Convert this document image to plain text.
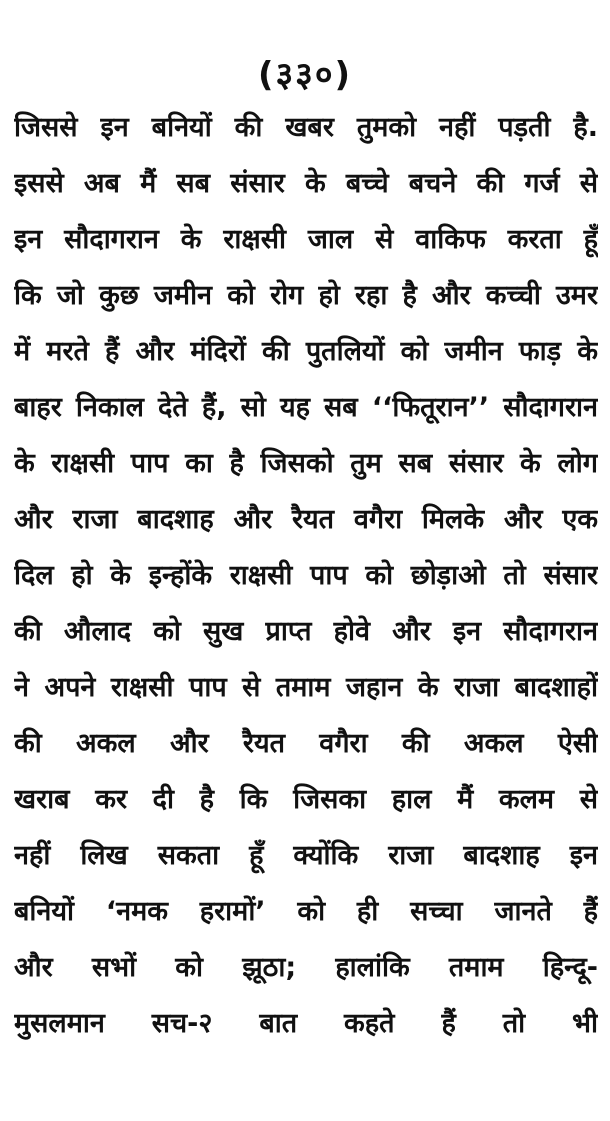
(३३०)
जिससे इन बनियों की खबर तुमको नहीं पड़ती है.
इससे अब मैं सब संसार के बच्चे बचने की गर्ज से
इन सौदागरान के राक्षसी जाल से वाकिफ करता हूँ
कि जो कुछ जमीन को रोग हो रहा है और कच्ची उमर
में मरते हैं और मंदिरों की पुतलियों को जमीन फाड़ के
बाहर निकाल देते हैं, सो यह सब ‘‘फितूरान’’ सौदागरान
के राक्षसी पाप का है जिसको तुम सब संसार के लोग
और राजा बादशाह और रैयत वगैरा मिलके और एक
दिल हो के इन्होंके राक्षसी पाप को छोड़ाओ तो संसार
की औलाद को सुख प्राप्त होवे और इन सौदागरान
ने अपने राक्षसी पाप से तमाम जहान के राजा बादशाहों
की अकल और रैयत वगैरा की अकल ऐसी
खराब कर दी है कि जिसका हाल मैं कलम से
नहीं लिख सकता हूँ क्योंकि राजा बादशाह इन
बनियों ‘नमक हरामों’ को ही सच्चा जानते हैं
और सभों को झूठा; हालांकि तमाम हिन्दू-
मुसलमान सच-२ बात कहते हैं तो भी
